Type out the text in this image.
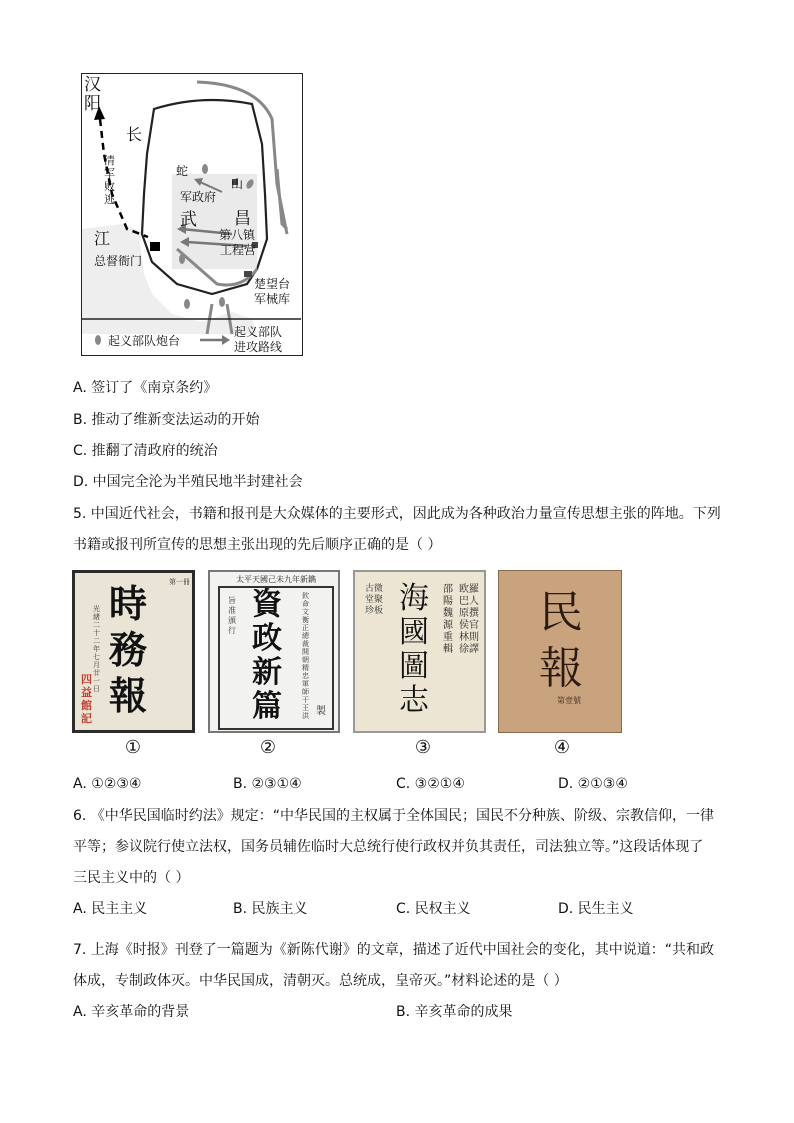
汉阳
长
江
清军败逃
蛇
山
军政府
武 昌
第八镇
工程营
总督衙门
楚望台
军械库
起义部队炮台
起义部队
进攻路线
A. 签订了《南京条约》
B. 推动了维新变法运动的开始
C. 推翻了清政府的统治
D. 中国完全沦为半殖民地半封建社会
5. 中国近代社会，书籍和报刊是大众媒体的主要形式，因此成为各种政治力量宣传思想主张的阵地。下列
书籍或报刊所宣传的思想主张出现的先后顺序正确的是（ ）
時務報
光緒二十二年七月廿一日
第一冊
四益館記
①
太平天國己未九年新鐫
資政新篇
欽命文衡正總裁開朝精忠軍師干王洪 製
旨准頒行
②
海國圖志
邵陽魏源重輯
欧羅巴人原撰 侯官林則徐譯
古微堂聚珍板
③
民報
第壹號
④
A. ①②③④	B. ②③①④	C. ③②①④	D. ②①③④
6. 《中华民国临时约法》规定：“中华民国的主权属于全体国民；国民不分种族、阶级、宗教信仰，一律
平等；参议院行使立法权，国务员辅佐临时大总统行使行政权并负其责任，司法独立等。”这段话体现了
三民主义中的（ ）
A. 民主主义	B. 民族主义	C. 民权主义	D. 民生主义
7. 上海《时报》刊登了一篇题为《新陈代谢》的文章，描述了近代中国社会的变化，其中说道：“共和政
体成，专制政体灭。中华民国成，清朝灭。总统成，皇帝灭。”材料论述的是（ ）
A. 辛亥革命的背景	B. 辛亥革命的成果
